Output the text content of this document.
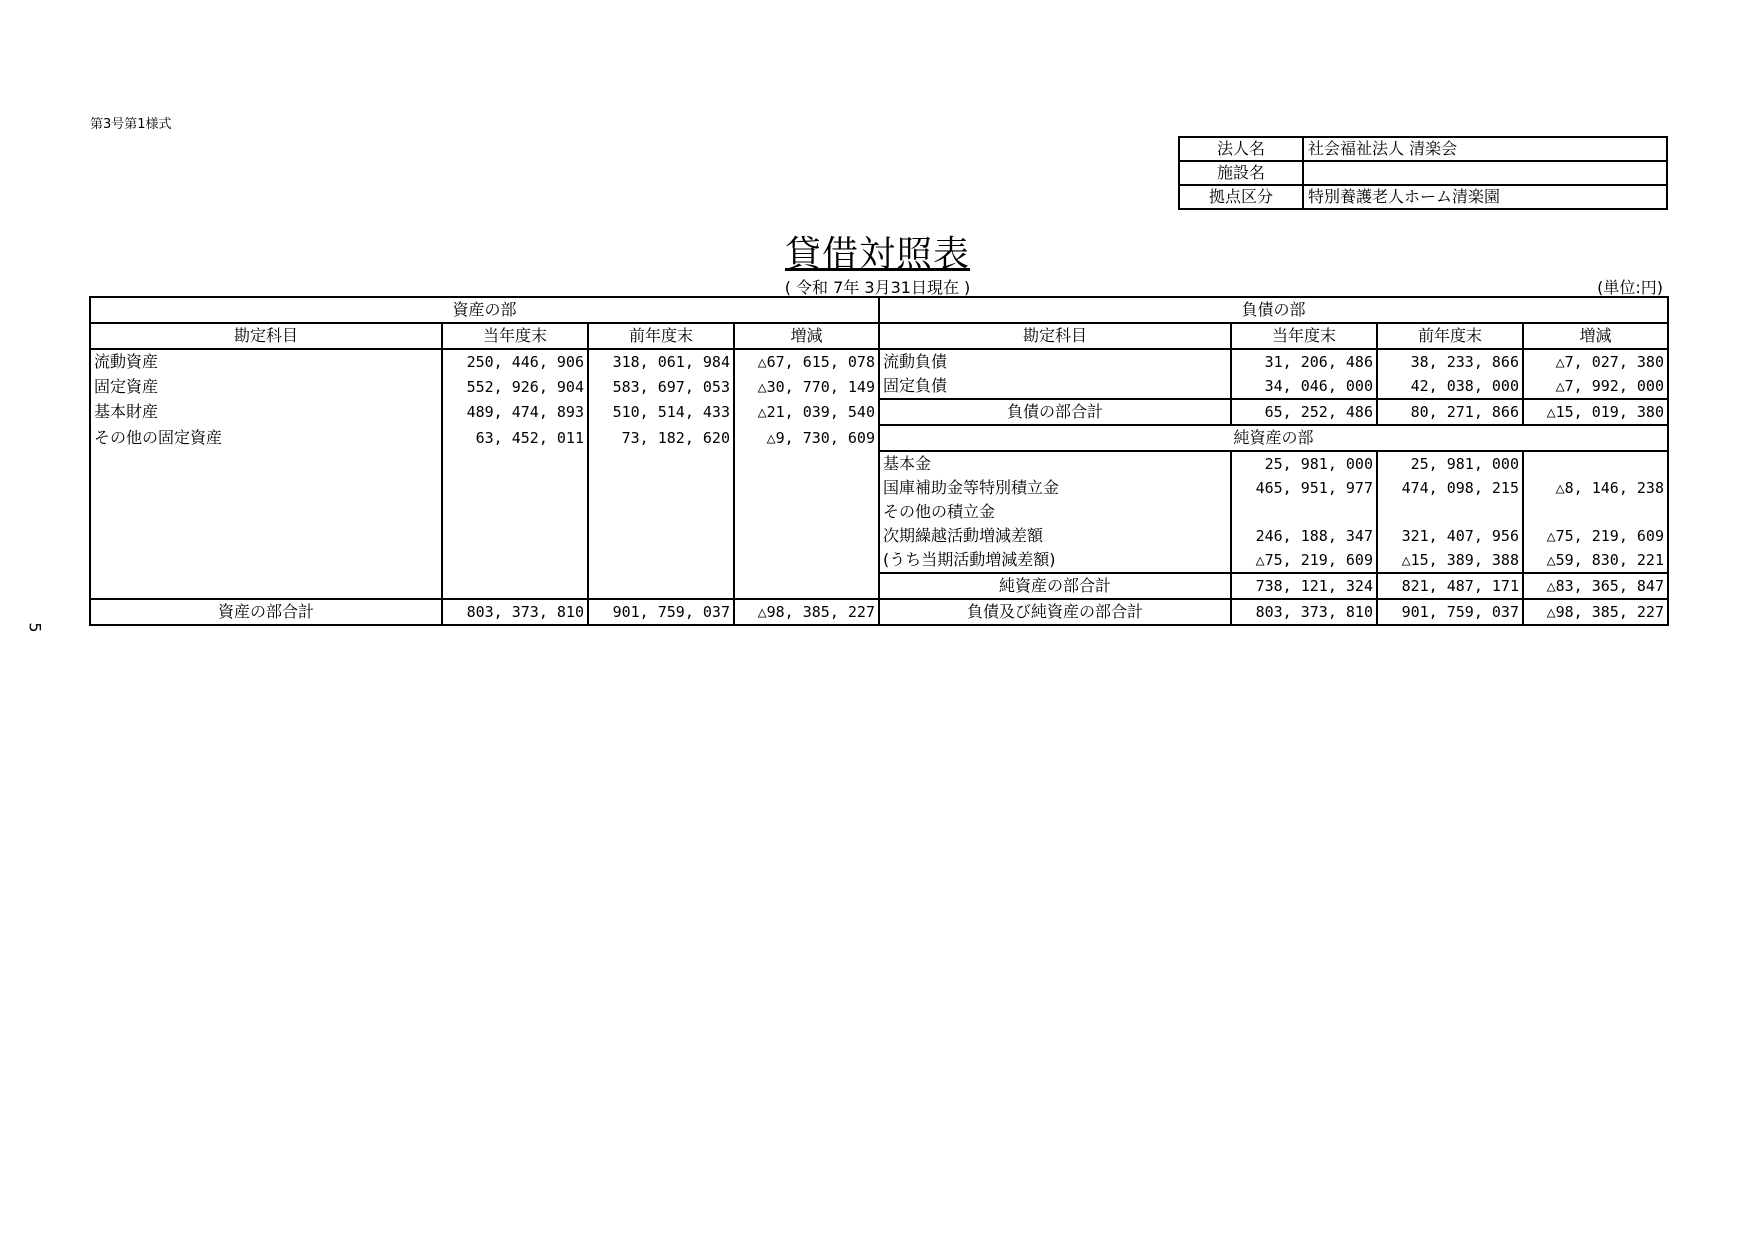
第3号第1様式
法人名	社会福祉法人 清楽会
施設名	
拠点区分	特別養護老人ホーム清楽園
貸借対照表
( 令和 7年 3月31日現在 )	(単位:円)
5
資産の部				負債の部			
勘定科目	当年度末	前年度末	増減	勘定科目	当年度末	前年度末	増減
流動資産	250, 446, 906	318, 061, 984	△67, 615, 078	流動負債	31, 206, 486	38, 233, 866	△7, 027, 380
固定資産	552, 926, 904	583, 697, 053	△30, 770, 149	固定負債	34, 046, 000	42, 038, 000	△7, 992, 000
基本財産	489, 474, 893	510, 514, 433	△21, 039, 540	負債の部合計	65, 252, 486	80, 271, 866	△15, 019, 380
その他の固定資産	63, 452, 011	73, 182, 620	△9, 730, 609	純資産の部			
				基本金	25, 981, 000	25, 981, 000	
				国庫補助金等特別積立金	465, 951, 977	474, 098, 215	△8, 146, 238
				その他の積立金			
				次期繰越活動増減差額	246, 188, 347	321, 407, 956	△75, 219, 609
				(うち当期活動増減差額)	△75, 219, 609	△15, 389, 388	△59, 830, 221
				純資産の部合計	738, 121, 324	821, 487, 171	△83, 365, 847
資産の部合計	803, 373, 810	901, 759, 037	△98, 385, 227	負債及び純資産の部合計	803, 373, 810	901, 759, 037	△98, 385, 227
